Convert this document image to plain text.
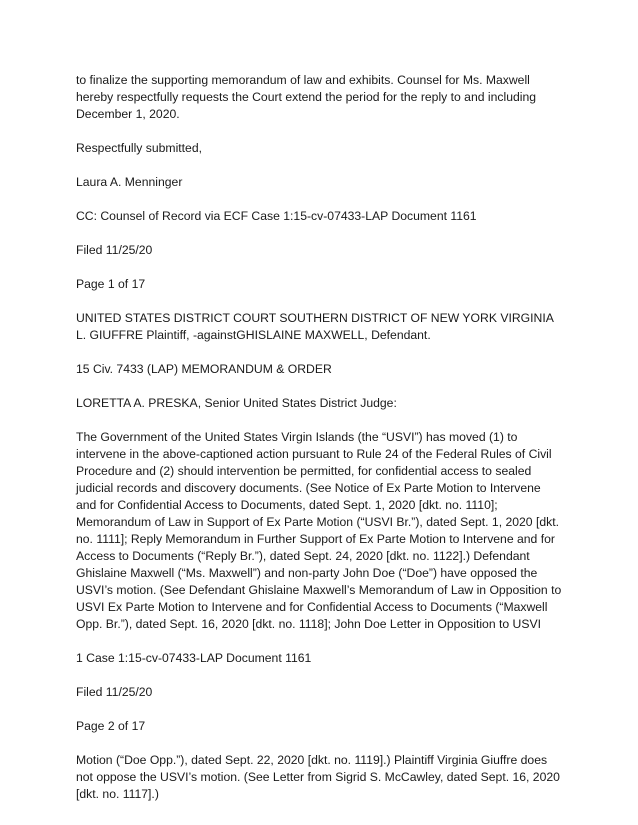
to finalize the supporting memorandum of law and exhibits. Counsel for Ms. Maxwell hereby respectfully requests the Court extend the period for the reply to and including December 1, 2020.

Respectfully submitted,

Laura A. Menninger

CC: Counsel of Record via ECF Case 1:15-cv-07433-LAP Document 1161

Filed 11/25/20

Page 1 of 17

UNITED STATES DISTRICT COURT SOUTHERN DISTRICT OF NEW YORK VIRGINIA L. GIUFFRE Plaintiff, -againstGHISLAINE MAXWELL, Defendant.

15 Civ. 7433 (LAP) MEMORANDUM & ORDER

LORETTA A. PRESKA, Senior United States District Judge:

The Government of the United States Virgin Islands (the “USVI”) has moved (1) to intervene in the above-captioned action pursuant to Rule 24 of the Federal Rules of Civil Procedure and (2) should intervention be permitted, for confidential access to sealed judicial records and discovery documents. (See Notice of Ex Parte Motion to Intervene and for Confidential Access to Documents, dated Sept. 1, 2020 [dkt. no. 1110]; Memorandum of Law in Support of Ex Parte Motion (“USVI Br.”), dated Sept. 1, 2020 [dkt. no. 1111]; Reply Memorandum in Further Support of Ex Parte Motion to Intervene and for Access to Documents (“Reply Br.”), dated Sept. 24, 2020 [dkt. no. 1122].) Defendant Ghislaine Maxwell (“Ms. Maxwell”) and non-party John Doe (“Doe”) have opposed the USVI’s motion. (See Defendant Ghislaine Maxwell’s Memorandum of Law in Opposition to USVI Ex Parte Motion to Intervene and for Confidential Access to Documents (“Maxwell Opp. Br.”), dated Sept. 16, 2020 [dkt. no. 1118]; John Doe Letter in Opposition to USVI

1 Case 1:15-cv-07433-LAP Document 1161

Filed 11/25/20

Page 2 of 17

Motion (“Doe Opp.”), dated Sept. 22, 2020 [dkt. no. 1119].) Plaintiff Virginia Giuffre does not oppose the USVI’s motion. (See Letter from Sigrid S. McCawley, dated Sept. 16, 2020 [dkt. no. 1117].)
